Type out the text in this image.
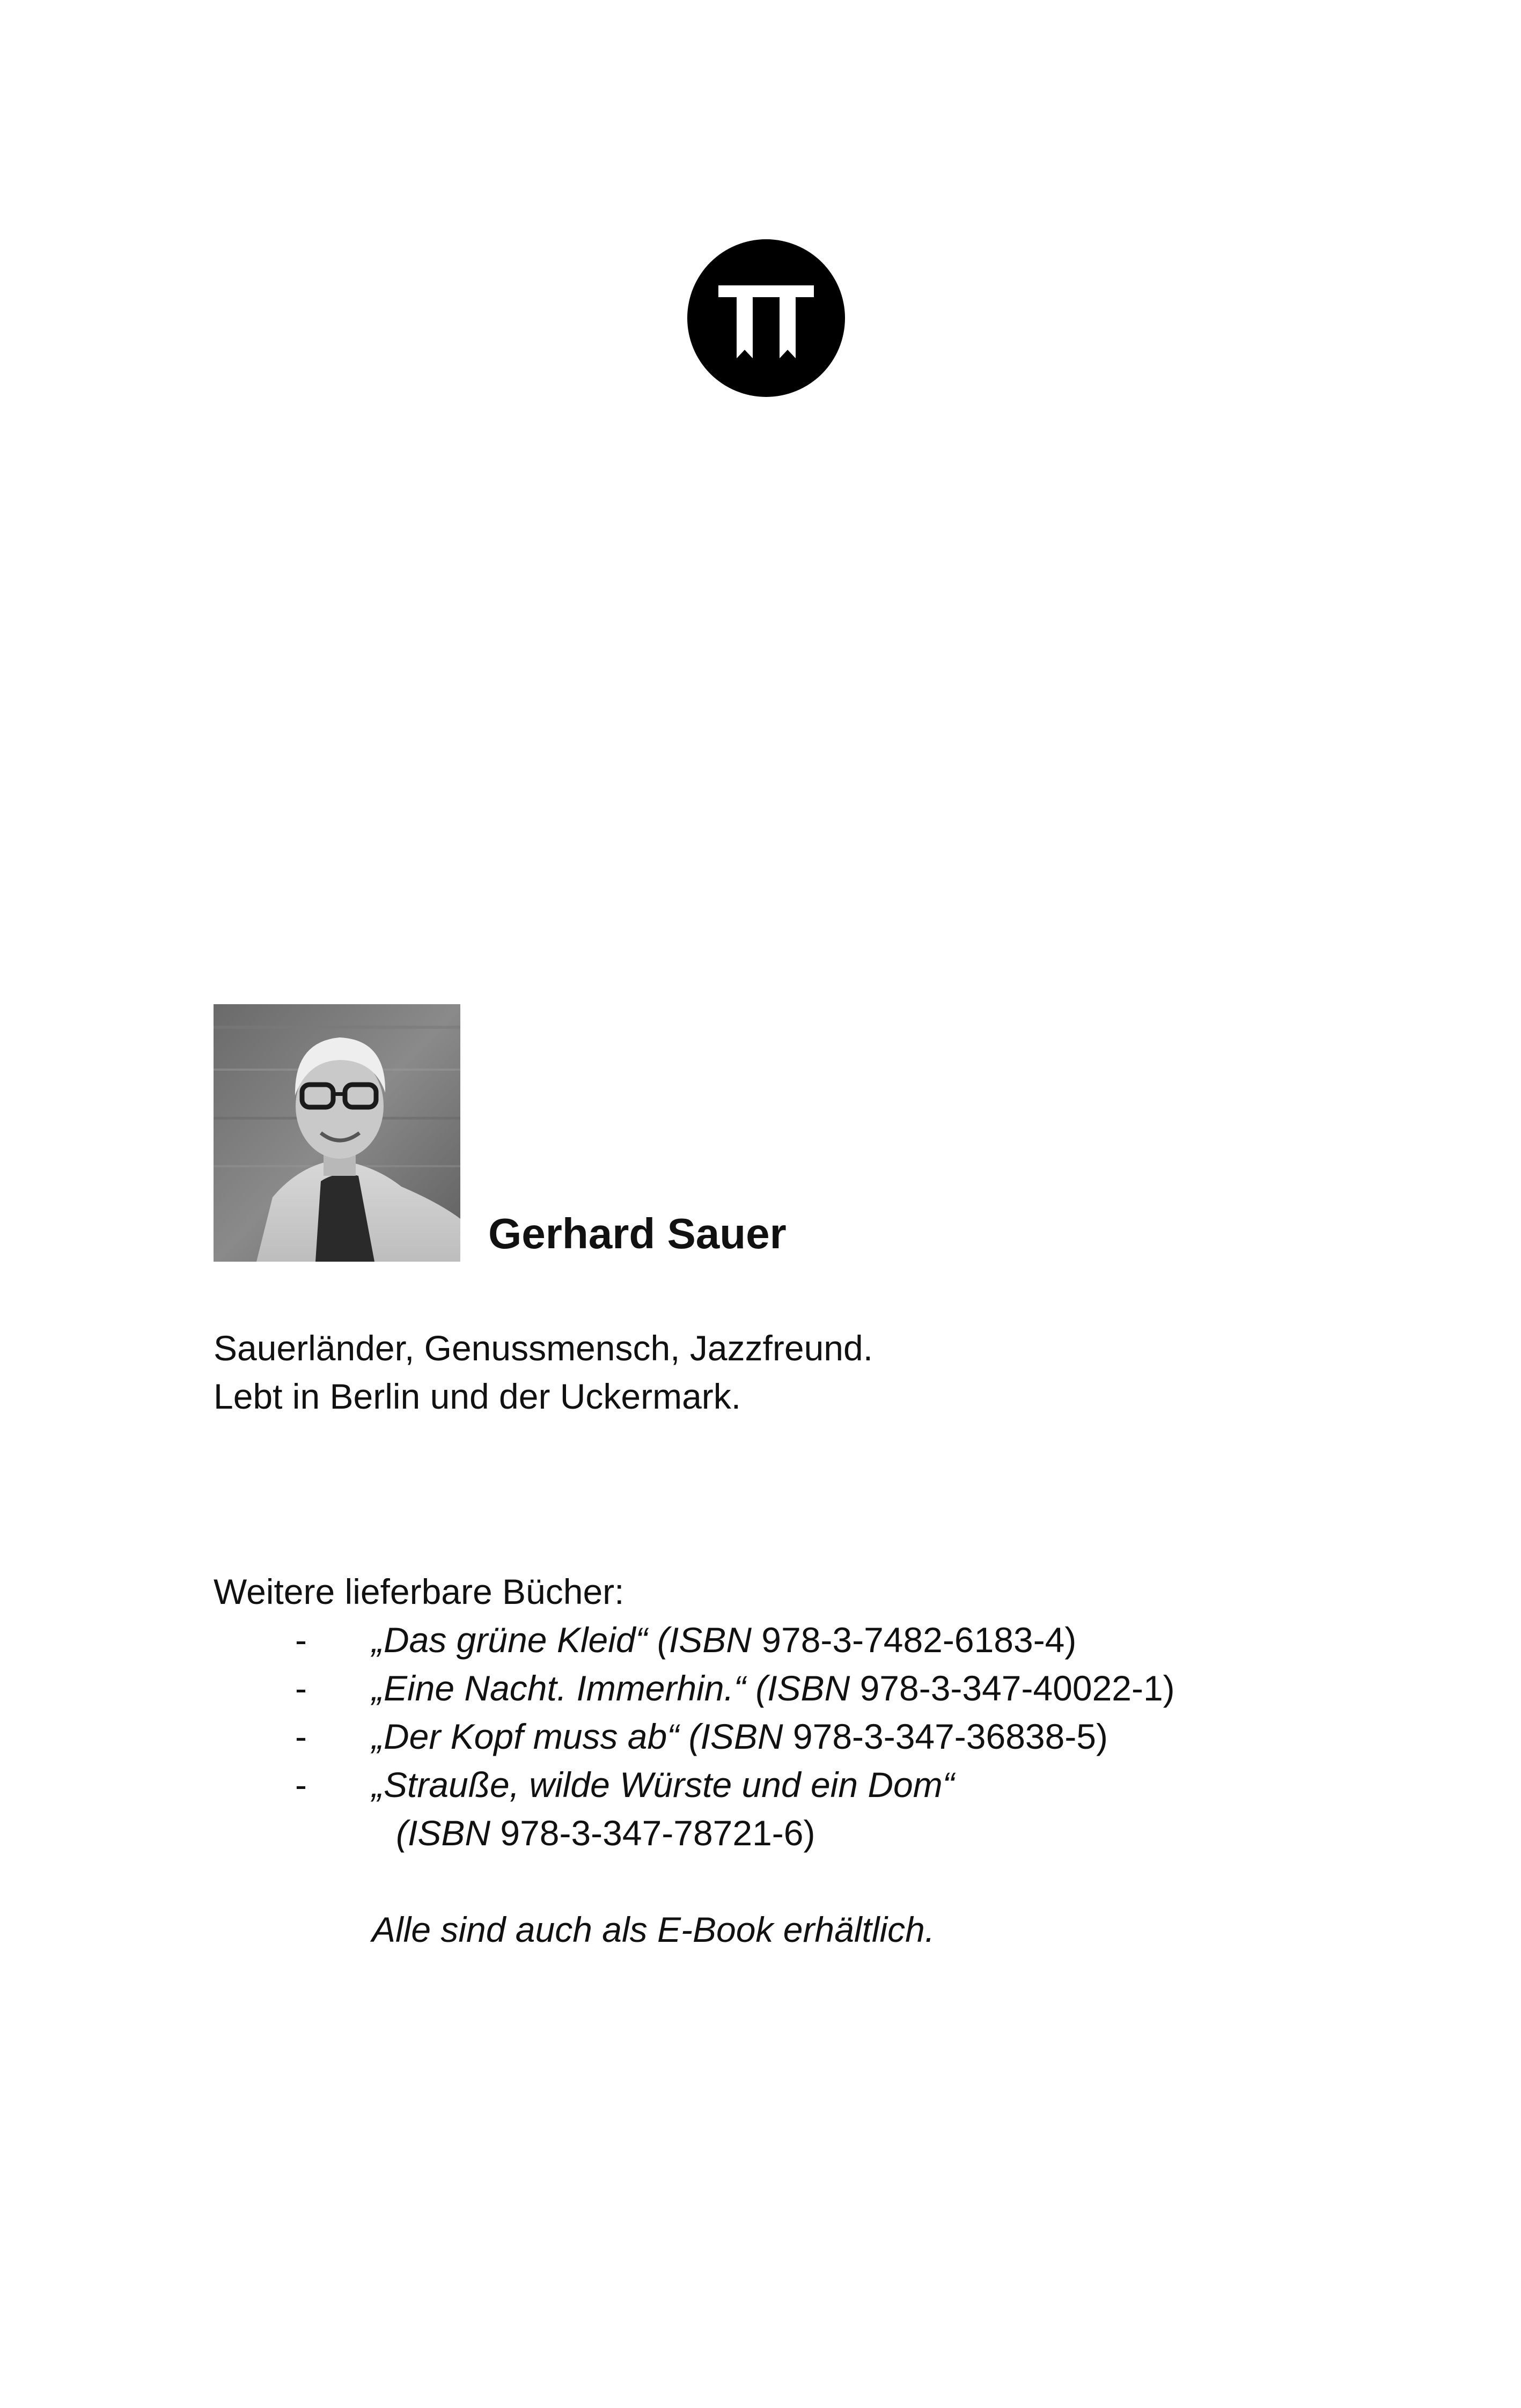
Gerhard Sauer
Sauerländer, Genussmensch, Jazzfreund.
Lebt in Berlin und der Uckermark.
Weitere lieferbare Bücher:
- „Das grüne Kleid“ (ISBN 978-3-7482-6183-4)
- „Eine Nacht. Immerhin.“ (ISBN 978-3-347-40022-1)
- „Der Kopf muss ab“ (ISBN 978-3-347-36838-5)
- „Strauße, wilde Würste und ein Dom“
(ISBN 978-3-347-78721-6)
Alle sind auch als E-Book erhältlich.
